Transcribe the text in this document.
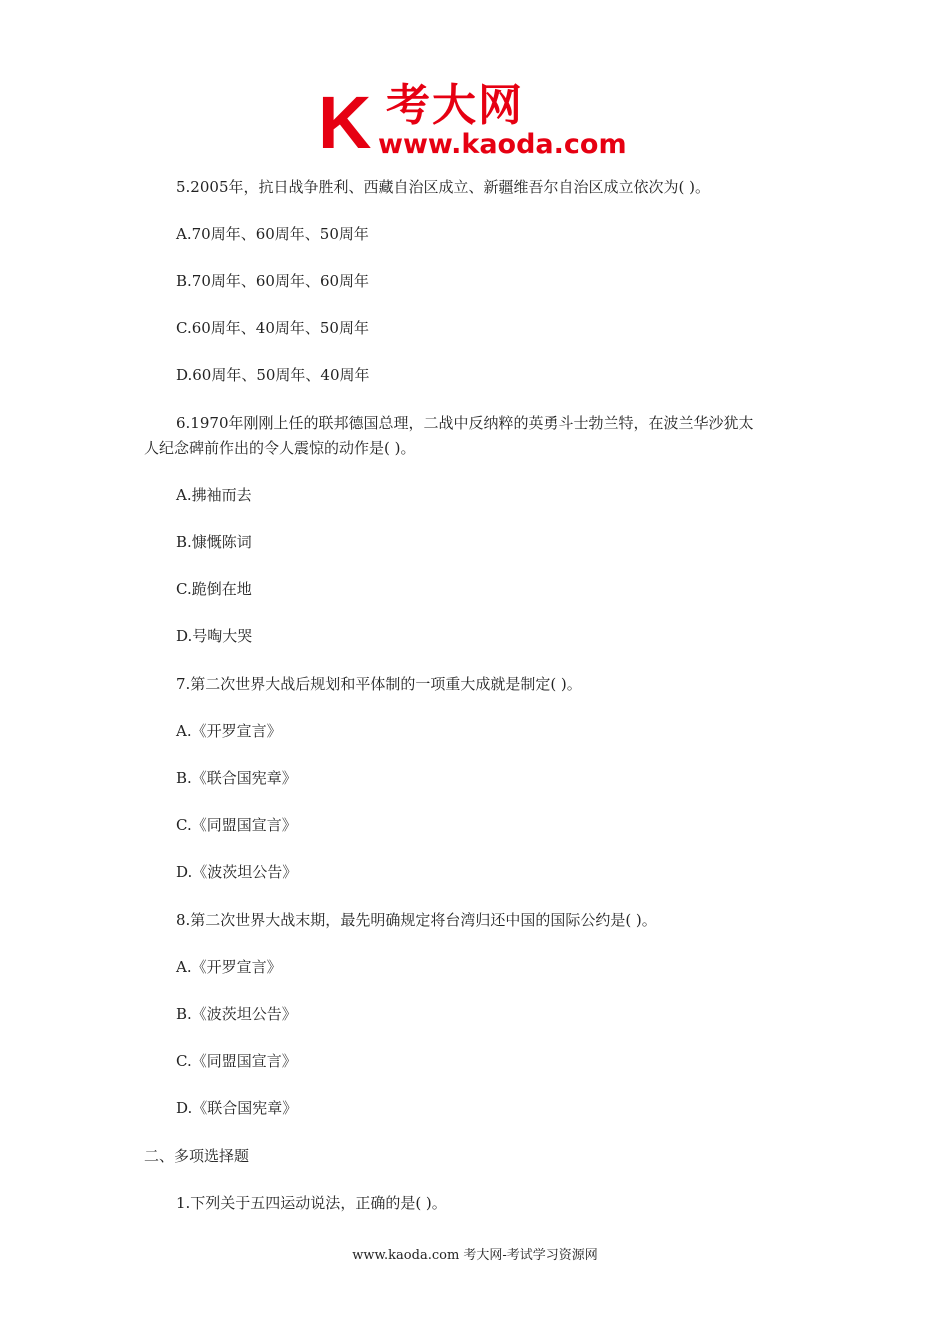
K 考大网
www.kaoda.com

5.2005年，抗日战争胜利、西藏自治区成立、新疆维吾尔自治区成立依次为( )。

A.70周年、60周年、50周年

B.70周年、60周年、60周年

C.60周年、40周年、50周年

D.60周年、50周年、40周年

6.1970年刚刚上任的联邦德国总理，二战中反纳粹的英勇斗士勃兰特，在波兰华沙犹太

人纪念碑前作出的令人震惊的动作是( )。

A.拂袖而去

B.慷慨陈词

C.跪倒在地

D.号啕大哭

7.第二次世界大战后规划和平体制的一项重大成就是制定( )。

A.《开罗宣言》

B.《联合国宪章》

C.《同盟国宣言》

D.《波茨坦公告》

8.第二次世界大战末期，最先明确规定将台湾归还中国的国际公约是( )。

A.《开罗宣言》

B.《波茨坦公告》

C.《同盟国宣言》

D.《联合国宪章》

二、多项选择题

1.下列关于五四运动说法，正确的是( )。

www.kaoda.com 考大网-考试学习资源网
